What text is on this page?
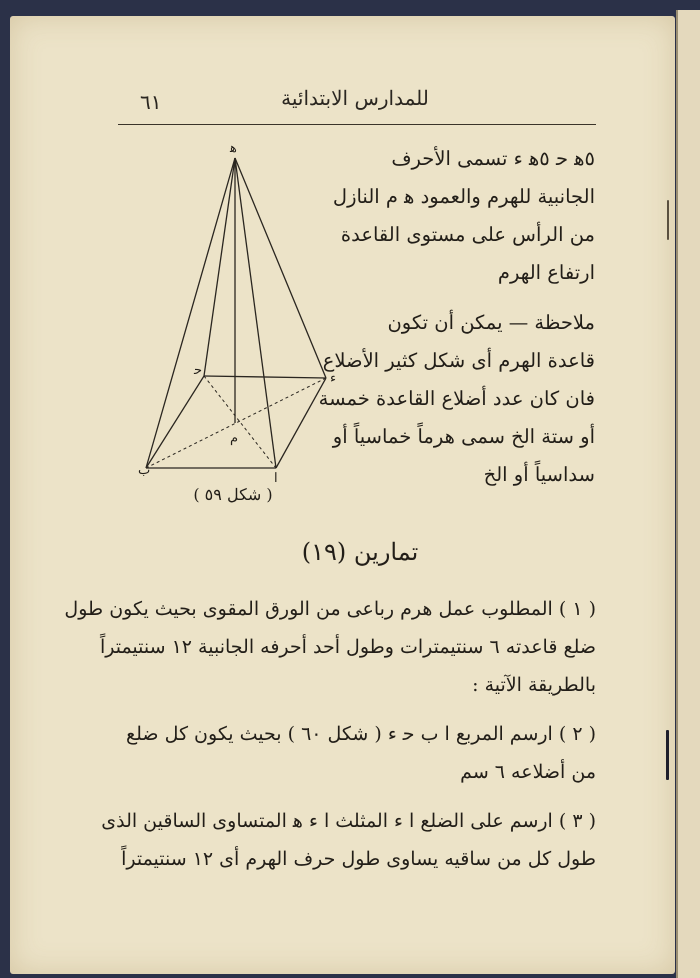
٦١	للمدارس الابتدائية
٥ﻫ ﺣ ٥ﻫ ﺀ تسمى الأحرف
الجانبية للهرم والعمود ﻫ م النازل
من الرأس على مستوى القاعدة
ارتفاع الهرم
ملاحظة — يمكن أن تكون
قاعدة الهرم أى شكل كثير الأضلاع
فان كان عدد أضلاع القاعدة خمسة
أو ستة الخ سمى هرماً خماسياً أو
سداسياً أو الخ
ﻫ
ا
ب
ﺣ
ء
م
( شكل ٥٩ )
تمارين (١٩)
( ١ ) المطلوب عمل هرم رباعى من الورق المقوى بحيث يكون طول
ضلع قاعدته ٦ سنتيمترات وطول أحد أحرفه الجانبية ١٢ سنتيمتراً
بالطريقة الآتية :
( ٢ ) ارسم المربع ا ب ﺣ ﺀ ( شكل ٦٠ ) بحيث يكون كل ضلع
من أضلاعه ٦ سم
( ٣ ) ارسم على الضلع ا ء المثلث ا ء ﻫ المتساوى الساقين الذى
طول كل من ساقيه يساوى طول حرف الهرم أى ١٢ سنتيمتراً
